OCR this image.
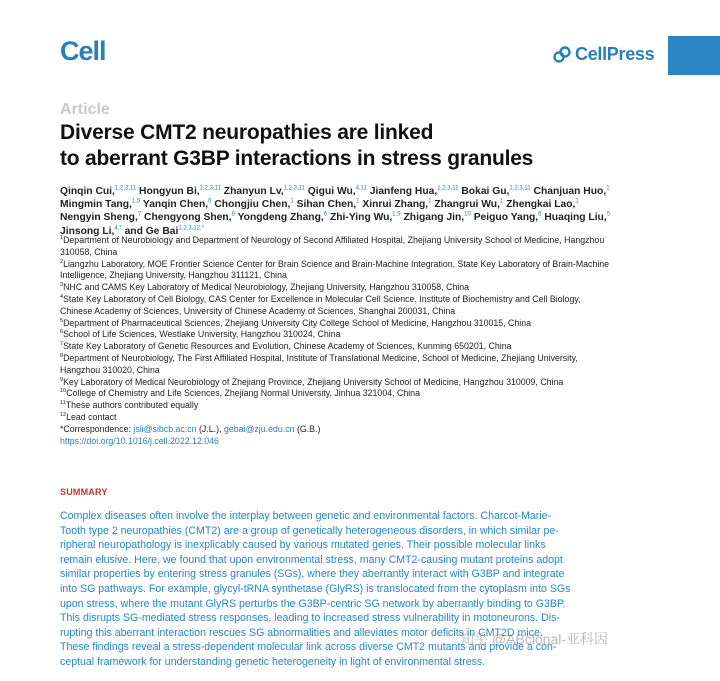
Cell	CellPress
Article
Diverse CMT2 neuropathies are linked
to aberrant G3BP interactions in stress granules
Qinqin Cui,$^{1,2,3,11}$ Hongyun Bi,$^{1,2,3,11}$ Zhanyun Lv,$^{1,2,3,11}$ Qigui Wu,$^{4,11}$ Jianfeng Hua,$^{1,2,3,11}$ Bokai Gu,$^{1,2,3,11}$ Chanjuan Huo,$^1$
Mingmin Tang,$^{1,5}$ Yanqin Chen,$^6$ Chongjiu Chen,$^1$ Sihan Chen,$^1$ Xinrui Zhang,$^1$ Zhangrui Wu,$^1$ Zhengkai Lao,$^1$
Nengyin Sheng,$^7$ Chengyong Shen,$^8$ Yongdeng Zhang,$^6$ Zhi-Ying Wu,$^{1,9}$ Zhigang Jin,$^{10}$ Peiguo Yang,$^6$ Huaqing Liu,$^5$
Jinsong Li,$^{4,*}$ and Ge Bai$^{1,2,3,12,*}$
$^1$Department of Neurobiology and Department of Neurology of Second Affiliated Hospital, Zhejiang University School of Medicine, Hangzhou
310058, China
$^2$Liangzhu Laboratory, MOE Frontier Science Center for Brain Science and Brain-Machine Integration, State Key Laboratory of Brain-Machine
Intelligence, Zhejiang University, Hangzhou 311121, China
$^3$NHC and CAMS Key Laboratory of Medical Neurobiology, Zhejiang University, Hangzhou 310058, China
$^4$State Key Laboratory of Cell Biology, CAS Center for Excellence in Molecular Cell Science, Institute of Biochemistry and Cell Biology,
Chinese Academy of Sciences, University of Chinese Academy of Sciences, Shanghai 200031, China
$^5$Department of Pharmaceutical Sciences, Zhejiang University City College School of Medicine, Hangzhou 310015, China
$^6$School of Life Sciences, Westlake University, Hangzhou 310024, China
$^7$State Key Laboratory of Genetic Resources and Evolution, Chinese Academy of Sciences, Kunming 650201, China
$^8$Department of Neurobiology, The First Affiliated Hospital, Institute of Translational Medicine, School of Medicine, Zhejiang University,
Hangzhou 310020, China
$^9$Key Laboratory of Medical Neurobiology of Zhejiang Province, Zhejiang University School of Medicine, Hangzhou 310009, China
$^{10}$College of Chemistry and Life Sciences, Zhejiang Normal University, Jinhua 321004, China
$^{11}$These authors contributed equally
$^{12}$Lead contact
*Correspondence: jsli@sibcb.ac.cn (J.L.), gebai@zju.edu.cn (G.B.)
https://doi.org/10.1016/j.cell.2022.12.046
SUMMARY
Complex diseases often involve the interplay between genetic and environmental factors. Charcot-Marie-
Tooth type 2 neuropathies (CMT2) are a group of genetically heterogeneous disorders, in which similar pe-
ripheral neuropathology is inexplicably caused by various mutated genes. Their possible molecular links
remain elusive. Here, we found that upon environmental stress, many CMT2-causing mutant proteins adopt
similar properties by entering stress granules (SGs), where they aberrantly interact with G3BP and integrate
into SG pathways. For example, glycyl-tRNA synthetase (GlyRS) is translocated from the cytoplasm into SGs
upon stress, where the mutant GlyRS perturbs the G3BP-centric SG network by aberrantly binding to G3BP.
This disrupts SG-mediated stress responses, leading to increased stress vulnerability in motoneurons. Dis-
rupting this aberrant interaction rescues SG abnormalities and alleviates motor deficits in CMT2D mice.
These findings reveal a stress-dependent molecular link across diverse CMT2 mutants and provide a con-
ceptual framework for understanding genetic heterogeneity in light of environmental stress.
知乎 @ABclonal-亚科因
